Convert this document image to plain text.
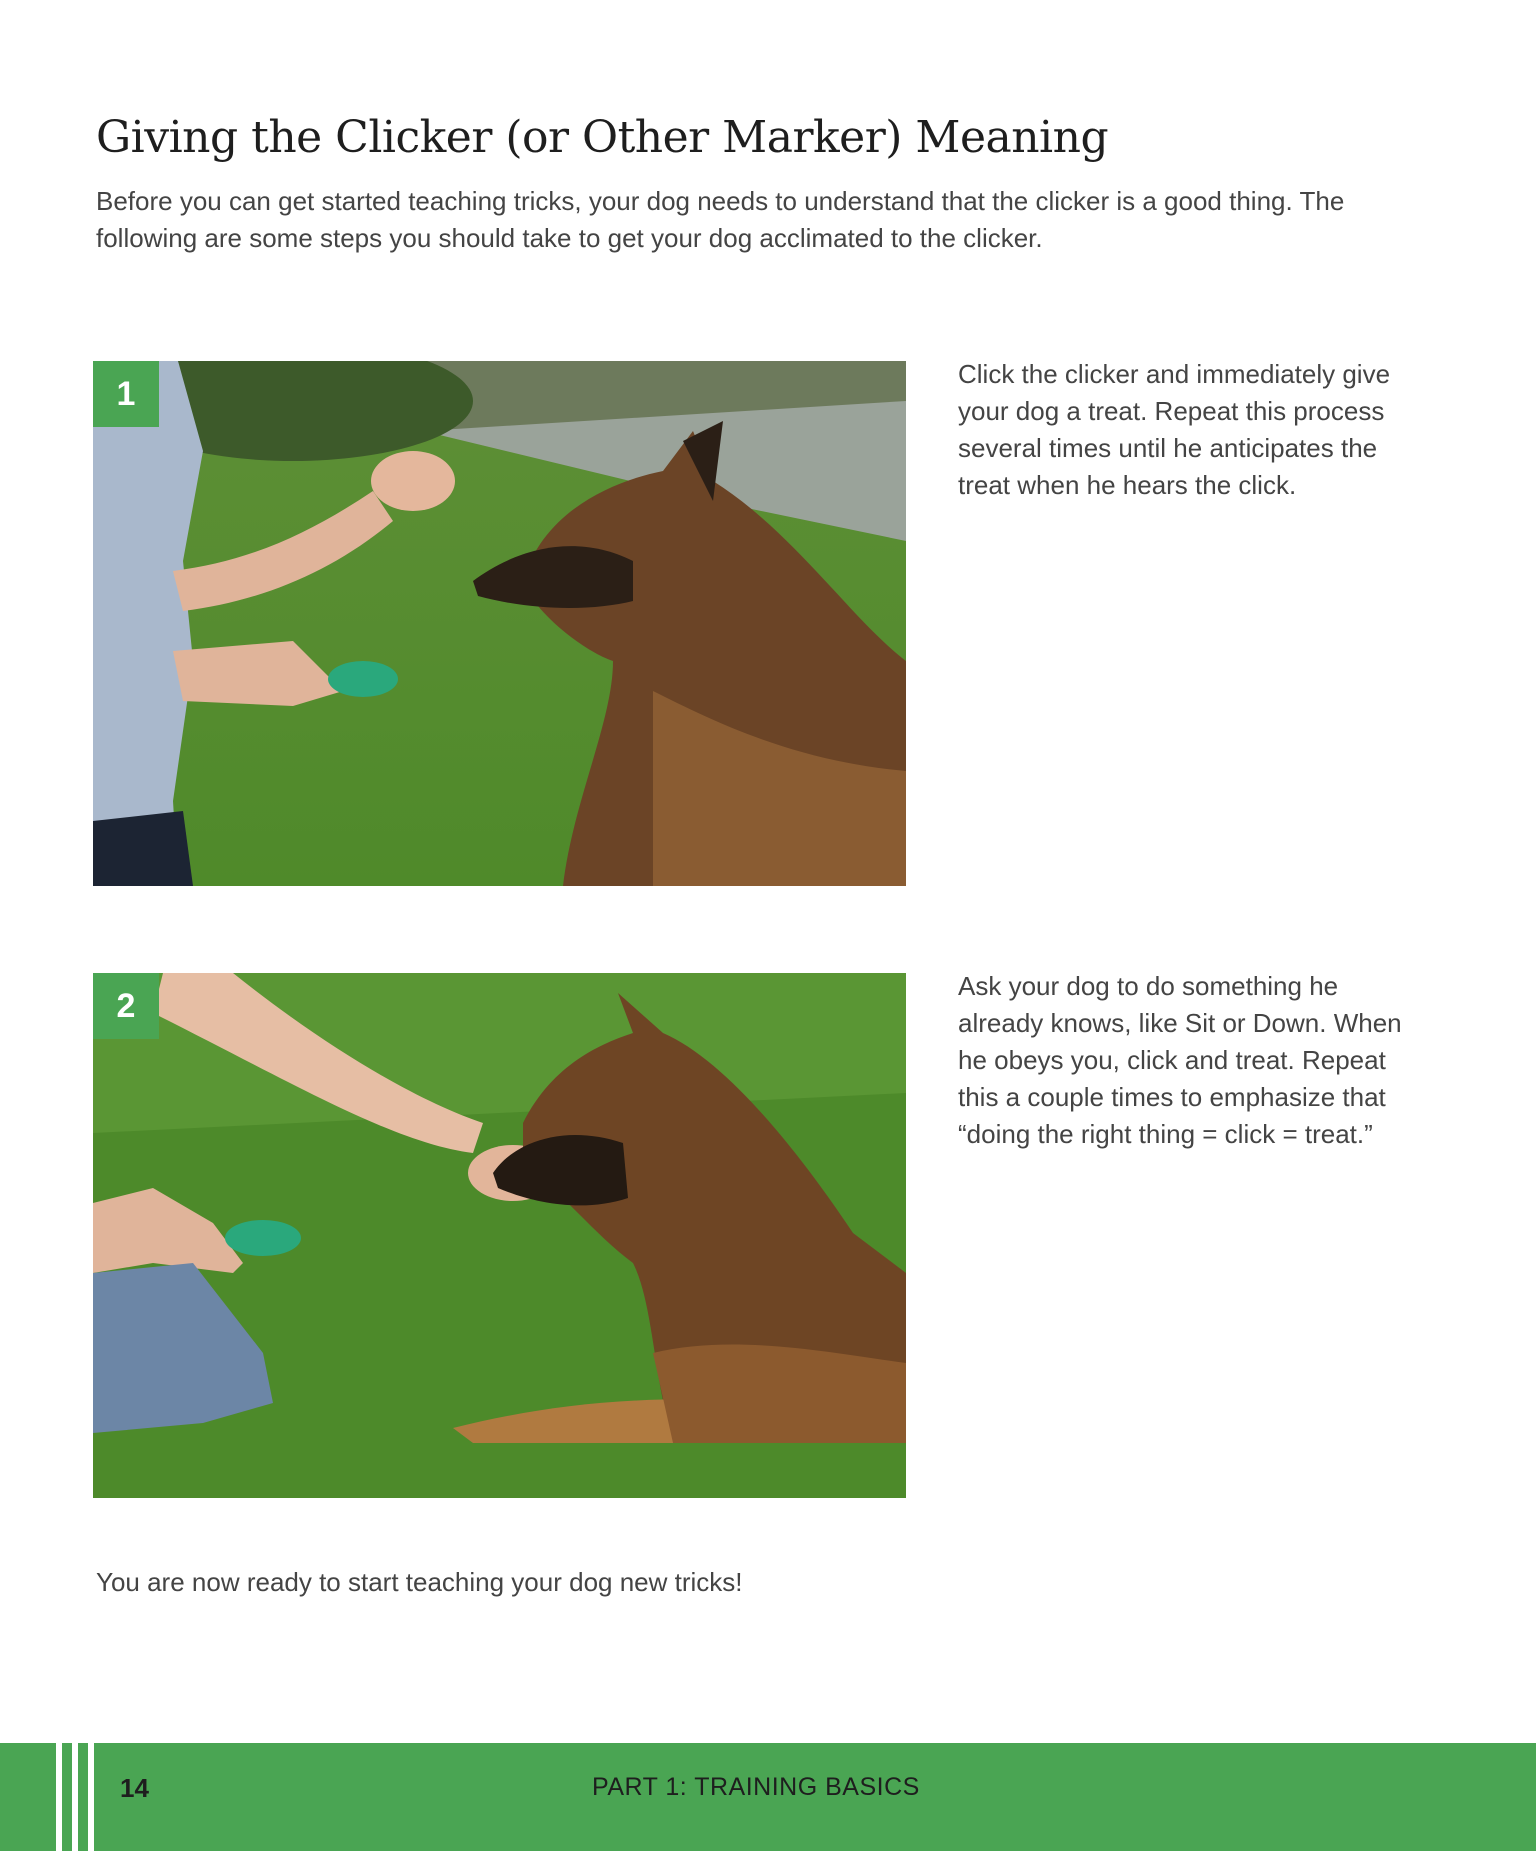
Giving the Clicker (or Other Marker) Meaning

Before you can get started teaching tricks, your dog needs to understand that the clicker is a good thing. The following are some steps you should take to get your dog acclimated to the clicker.

1

Click the clicker and immediately give your dog a treat. Repeat this process several times until he anticipates the treat when he hears the click.

2

Ask your dog to do something he already knows, like Sit or Down. When he obeys you, click and treat. Repeat this a couple times to emphasize that “doing the right thing = click = treat.”

You are now ready to start teaching your dog new tricks!

14	PART 1: TRAINING BASICS
